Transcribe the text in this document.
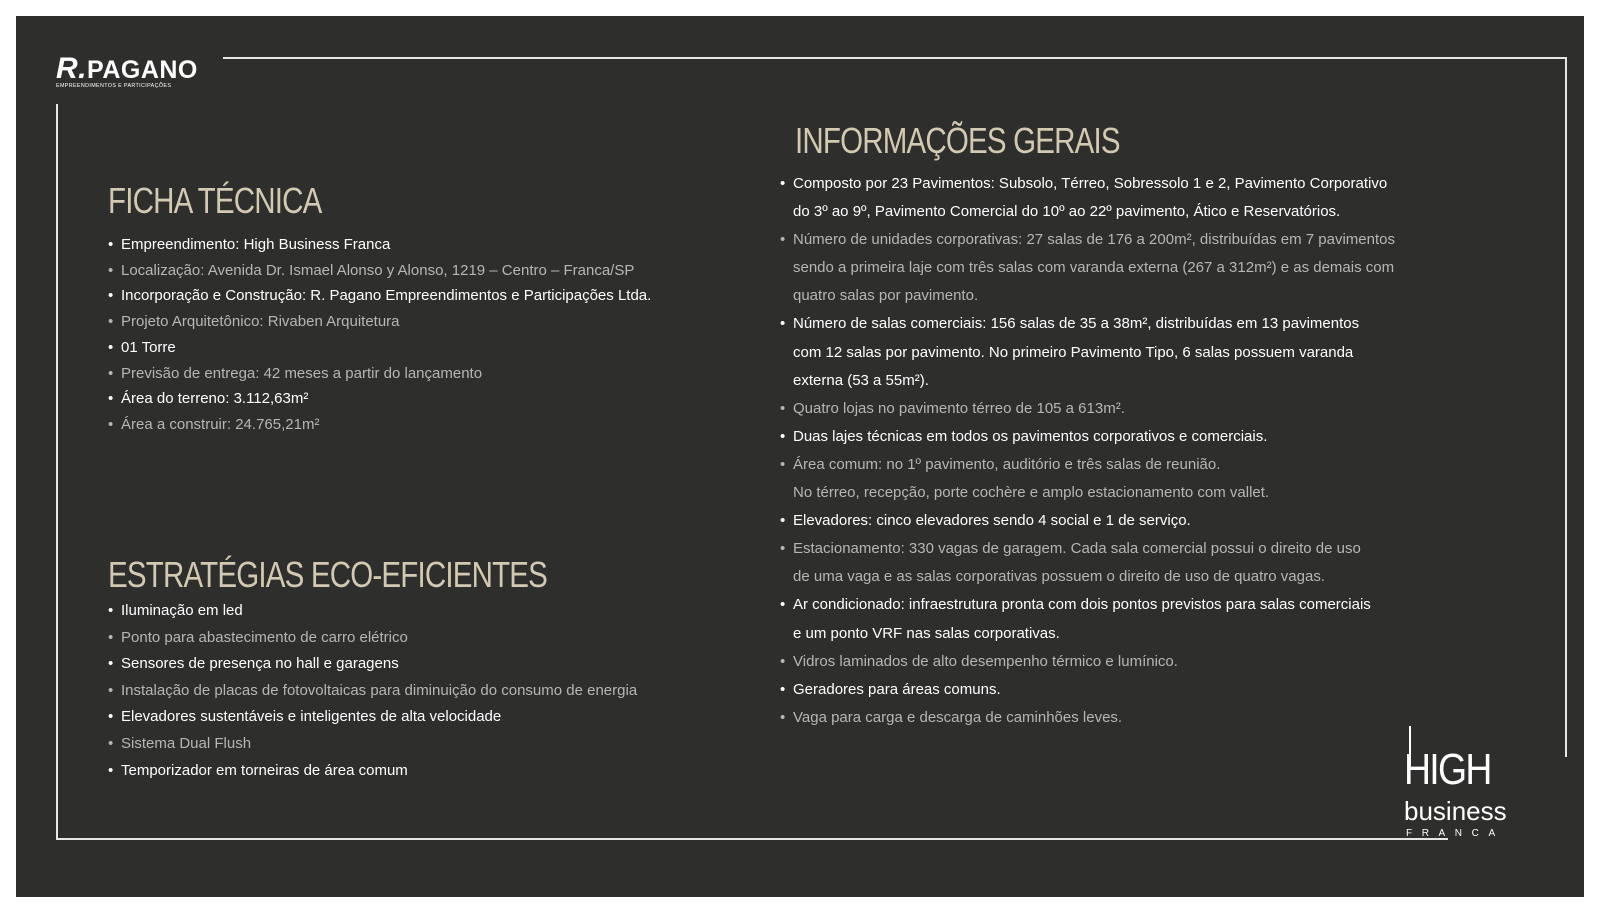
R.PAGANO
EMPREENDIMENTOS E PARTICIPAÇÕES
FICHA TÉCNICA
• Empreendimento: High Business Franca
• Localização: Avenida Dr. Ismael Alonso y Alonso, 1219 – Centro – Franca/SP
• Incorporação e Construção: R. Pagano Empreendimentos e Participações Ltda.
• Projeto Arquitetônico: Rivaben Arquitetura
• 01 Torre
• Previsão de entrega: 42 meses a partir do lançamento
• Área do terreno: 3.112,63m²
• Área a construir: 24.765,21m²
ESTRATÉGIAS ECO-EFICIENTES
• Iluminação em led
• Ponto para abastecimento de carro elétrico
• Sensores de presença no hall e garagens
• Instalação de placas de fotovoltaicas para diminuição do consumo de energia
• Elevadores sustentáveis e inteligentes de alta velocidade
• Sistema Dual Flush
• Temporizador em torneiras de área comum
INFORMAÇÕES GERAIS
• Composto por 23 Pavimentos: Subsolo, Térreo, Sobressolo 1 e 2, Pavimento Corporativo
do 3º ao 9º, Pavimento Comercial do 10º ao 22º pavimento, Ático e Reservatórios.
• Número de unidades corporativas: 27 salas de 176 a 200m², distribuídas em 7 pavimentos
sendo a primeira laje com três salas com varanda externa (267 a 312m²) e as demais com
quatro salas por pavimento.
• Número de salas comerciais: 156 salas de 35 a 38m², distribuídas em 13 pavimentos
com 12 salas por pavimento. No primeiro Pavimento Tipo, 6 salas possuem varanda
externa (53 a 55m²).
• Quatro lojas no pavimento térreo de 105 a 613m².
• Duas lajes técnicas em todos os pavimentos corporativos e comerciais.
• Área comum: no 1º pavimento, auditório e três salas de reunião.
No térreo, recepção, porte cochère e amplo estacionamento com vallet.
• Elevadores: cinco elevadores sendo 4 social e 1 de serviço.
• Estacionamento: 330 vagas de garagem. Cada sala comercial possui o direito de uso
de uma vaga e as salas corporativas possuem o direito de uso de quatro vagas.
• Ar condicionado: infraestrutura pronta com dois pontos previstos para salas comerciais
e um ponto VRF nas salas corporativas.
• Vidros laminados de alto desempenho térmico e lumínico.
• Geradores para áreas comuns.
• Vaga para carga e descarga de caminhões leves.
HIGH
business
FRANCA
